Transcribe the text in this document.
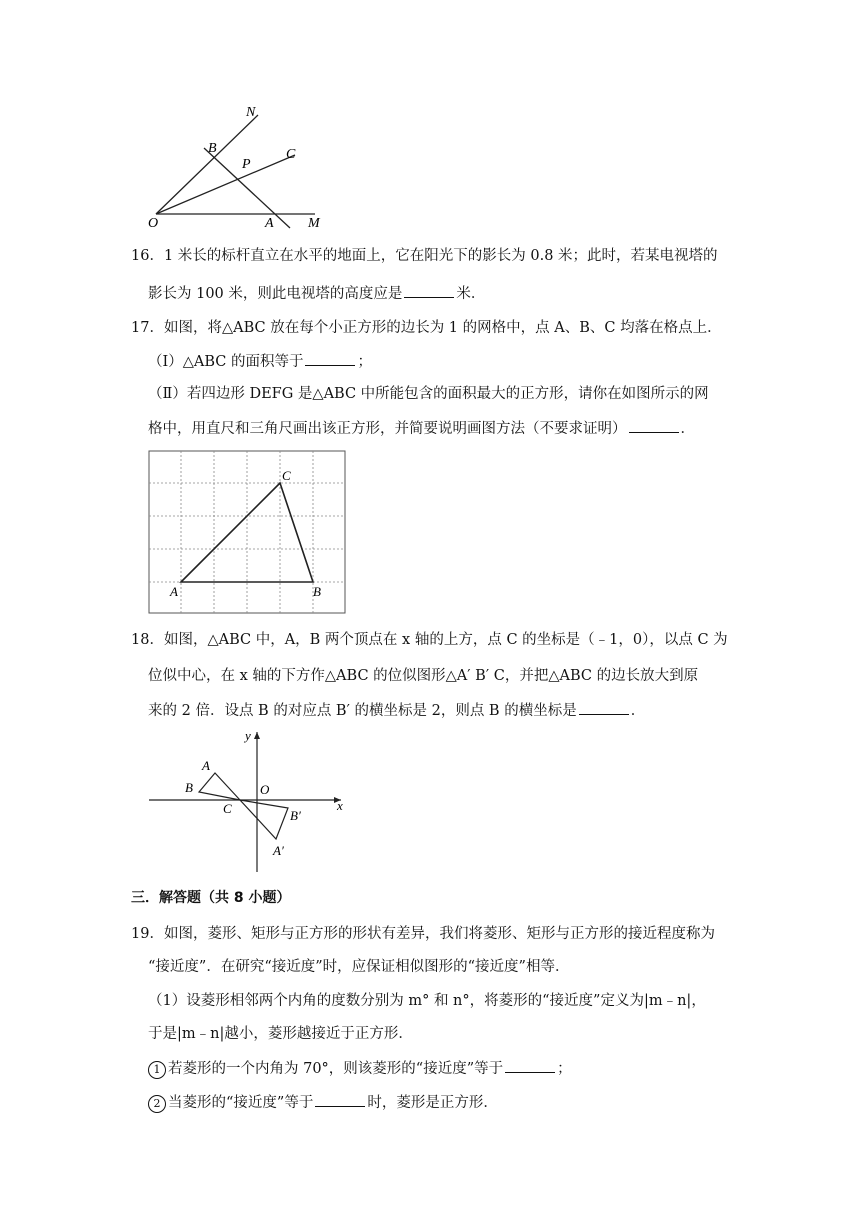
N
B
P
C
O	A M
16．1 米长的标杆直立在水平的地面上，它在阳光下的影长为 0.8 米；此时，若某电视塔的
影长为 100 米，则此电视塔的高度应是	米．
17．如图，将△ABC 放在每个小正方形的边长为 1 的网格中，点 A、B、C 均落在格点上．
（Ⅰ）△ABC 的面积等于	；
（Ⅱ）若四边形 DEFG 是△ABC 中所能包含的面积最大的正方形，请你在如图所示的网
格中，用直尺和三角尺画出该正方形，并简要说明画图方法（不要求证明）	．
C
A	B
18．如图，△ABC 中，A，B 两个顶点在 x 轴的上方，点 C 的坐标是（﹣1，0），以点 C 为
位似中心，在 x 轴的下方作△ABC 的位似图形△A′ B′ C，并把△ABC 的边长放大到原
来的 2 倍．设点 B 的对应点 B′ 的横坐标是 2，则点 B 的横坐标是	．
y
x
O
A
B
C	B′
A′
三．解答题（共 8 小题）
19．如图，菱形、矩形与正方形的形状有差异，我们将菱形、矩形与正方形的接近程度称为
“接近度”．在研究“接近度”时，应保证相似图形的“接近度”相等．
（1）设菱形相邻两个内角的度数分别为 m° 和 n°，将菱形的“接近度”定义为|m﹣n|，
于是|m﹣n|越小，菱形越接近于正方形．
1 若菱形的一个内角为 70°，则该菱形的“接近度”等于	；
2 当菱形的“接近度”等于	时，菱形是正方形．
